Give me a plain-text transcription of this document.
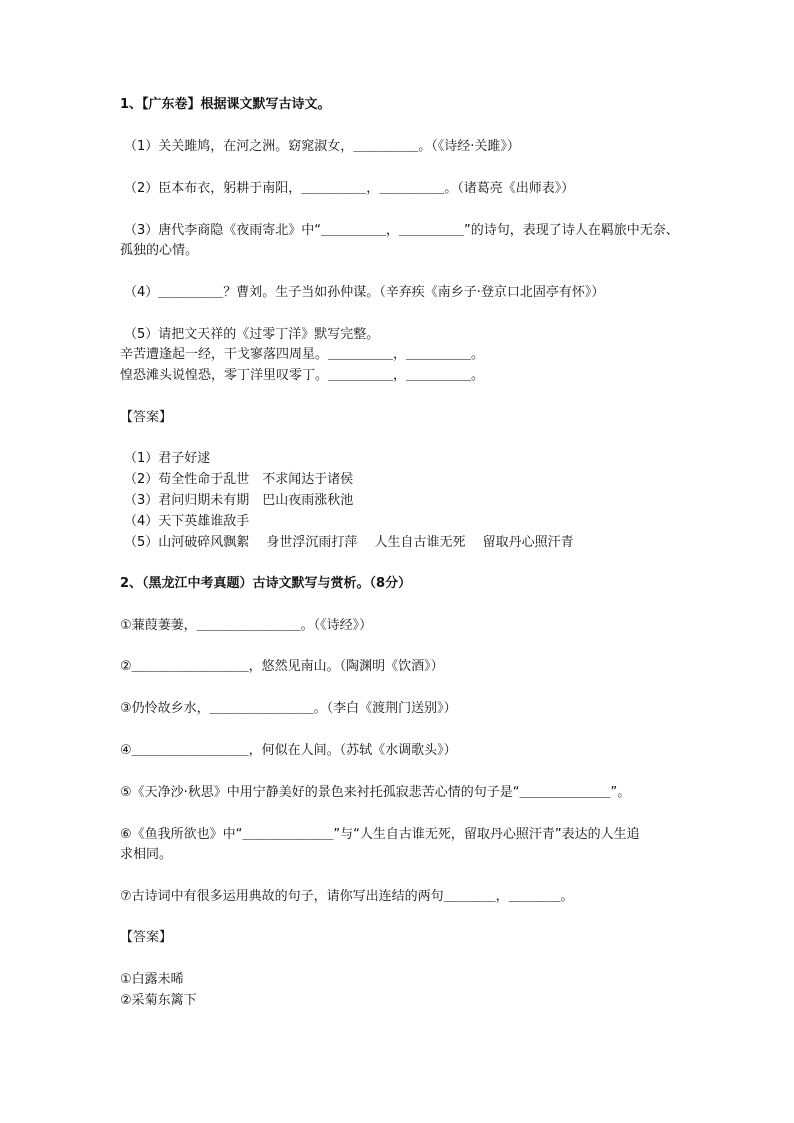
1、【广东卷】根据课文默写古诗文。
（1）关关雎鸠，在河之洲。窈窕淑女，＿＿＿＿＿。（《诗经·关雎》）
（2）臣本布衣，躬耕于南阳，＿＿＿＿＿，＿＿＿＿＿。（诸葛亮《出师表》）
（3）唐代李商隐《夜雨寄北》中“＿＿＿＿＿，＿＿＿＿＿”的诗句，表现了诗人在羁旅中无奈、
孤独的心情。
（4）＿＿＿＿＿？曹刘。生子当如孙仲谋。（辛弃疾《南乡子·登京口北固亭有怀》）
（5）请把文天祥的《过零丁洋》默写完整。
辛苦遭逢起一经，干戈寥落四周星。＿＿＿＿＿，＿＿＿＿＿。
惶恐滩头说惶恐，零丁洋里叹零丁。＿＿＿＿＿，＿＿＿＿＿。
【答案】
（1）君子好逑
（2）苟全性命于乱世　不求闻达于诸侯
（3）君问归期未有期　巴山夜雨涨秋池
（4）天下英雄谁敌手
（5）山河破碎风飘絮　 身世浮沉雨打萍　 人生自古谁无死　 留取丹心照汗青
2、（黑龙江中考真题）古诗文默写与赏析。（8分）
①蒹葭萋萋，＿＿＿＿＿＿＿＿。（《诗经》）
②＿＿＿＿＿＿＿＿＿，悠然见南山。（陶渊明《饮酒》）
③仍怜故乡水，＿＿＿＿＿＿＿＿。（李白《渡荆门送别》）
④＿＿＿＿＿＿＿＿＿，何似在人间。（苏轼《水调歌头》）
⑤《天净沙·秋思》中用宁静美好的景色来衬托孤寂悲苦心情的句子是“＿＿＿＿＿＿＿”。
⑥《鱼我所欲也》中“＿＿＿＿＿＿＿”与“人生自古谁无死，留取丹心照汗青”表达的人生追
求相同。
⑦古诗词中有很多运用典故的句子，请你写出连结的两句＿＿＿＿，＿＿＿＿。
【答案】
①白露未晞
②采菊东篱下
